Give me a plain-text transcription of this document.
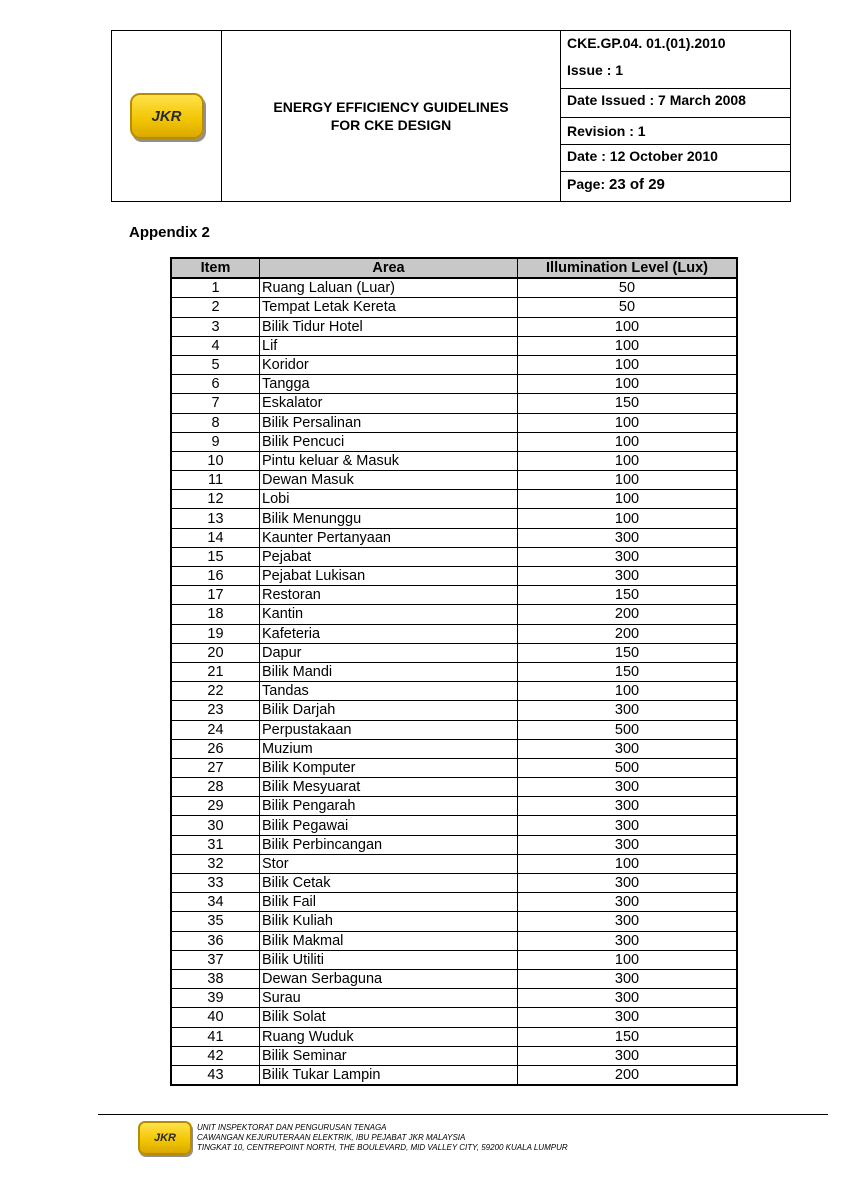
JKR
ENERGY EFFICIENCY GUIDELINES
FOR CKE DESIGN
CKE.GP.04. 01.(01).2010
Issue : 1
Date Issued : 7 March 2008
Revision : 1
Date : 12 October 2010
Page: 23 of 29
Appendix 2
Item	Area	Illumination Level (Lux)
1	Ruang Laluan (Luar)	50
2	Tempat Letak Kereta	50
3	Bilik Tidur Hotel	100
4	Lif	100
5	Koridor	100
6	Tangga	100
7	Eskalator	150
8	Bilik Persalinan	100
9	Bilik Pencuci	100
10	Pintu keluar & Masuk	100
11	Dewan Masuk	100
12	Lobi	100
13	Bilik Menunggu	100
14	Kaunter Pertanyaan	300
15	Pejabat	300
16	Pejabat Lukisan	300
17	Restoran	150
18	Kantin	200
19	Kafeteria	200
20	Dapur	150
21	Bilik Mandi	150
22	Tandas	100
23	Bilik Darjah	300
24	Perpustakaan	500
26	Muzium	300
27	Bilik Komputer	500
28	Bilik Mesyuarat	300
29	Bilik Pengarah	300
30	Bilik Pegawai	300
31	Bilik Perbincangan	300
32	Stor	100
33	Bilik Cetak	300
34	Bilik Fail	300
35	Bilik Kuliah	300
36	Bilik Makmal	300
37	Bilik Utiliti	100
38	Dewan Serbaguna	300
39	Surau	300
40	Bilik Solat	300
41	Ruang Wuduk	150
42	Bilik Seminar	300
43	Bilik Tukar Lampin	200
JKR
UNIT INSPEKTORAT DAN PENGURUSAN TENAGA
CAWANGAN KEJURUTERAAN ELEKTRIK, IBU PEJABAT JKR MALAYSIA
TINGKAT 10, CENTREPOINT NORTH, THE BOULEVARD, MID VALLEY CITY, 59200 KUALA LUMPUR
